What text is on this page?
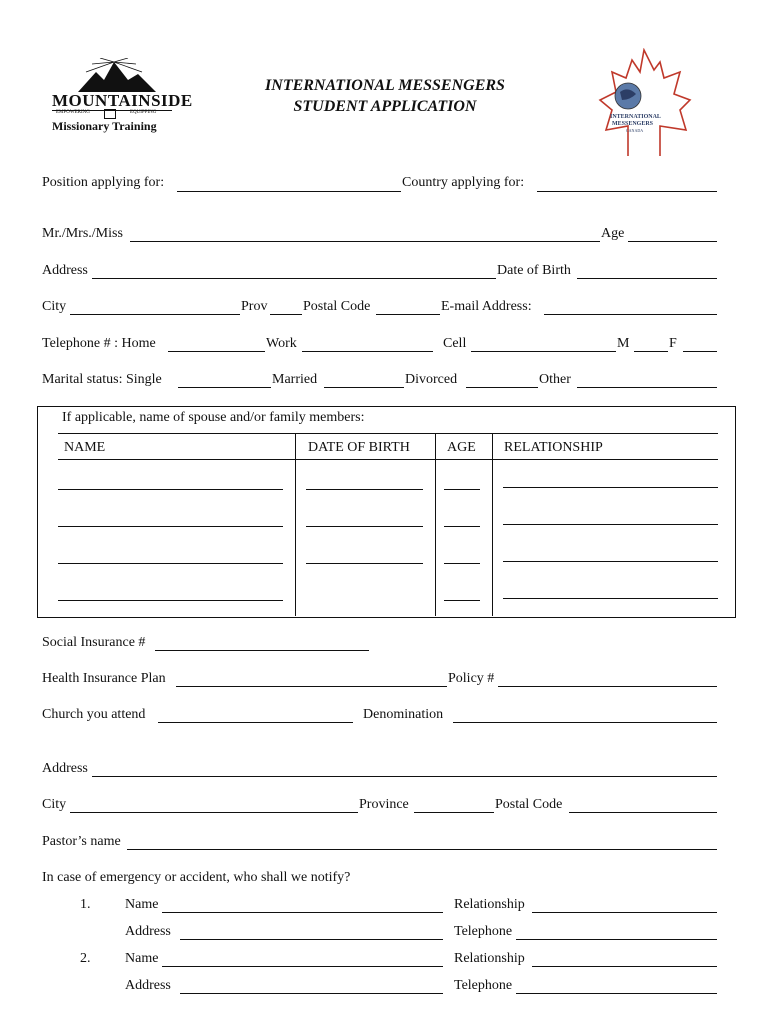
MOUNTAINSIDE
EMPOWERING	EQUIPPING
Missionary Training
INTERNATIONAL MESSENGERS
STUDENT APPLICATION
INTERNATIONAL
MESSENGERS
CANADA
Position applying for:	Country applying for:
Mr./Mrs./Miss	Age
Address	Date of Birth
City	Prov	Postal Code	E-mail Address:
Telephone # : Home	Work	Cell	M	F
Marital status: Single	Married	Divorced	Other
If applicable, name of spouse and/or family members:
NAME	DATE OF BIRTH	AGE RELATIONSHIP
Social Insurance #
Health Insurance Plan	Policy #
Church you attend	Denomination
Address
City	Province	Postal Code
Pastor’s name
In case of emergency or accident, who shall we notify?
1. Name	Relationship
Address	Telephone
2. Name	Relationship
Address	Telephone
